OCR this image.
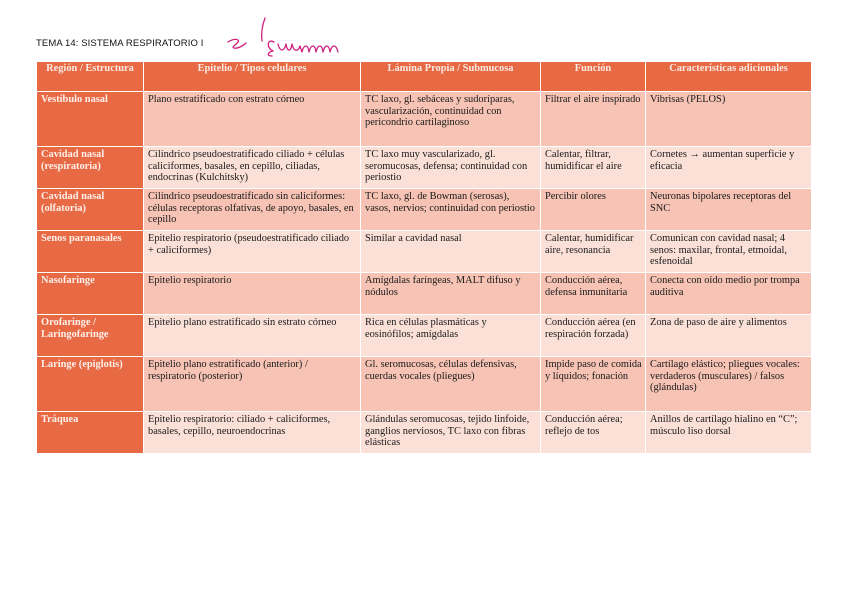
TEMA 14: SISTEMA RESPIRATORIO I
Región / Estructura	Epitelio / Tipos celulares	Lámina Propia / Submucosa	Función	Características adicionales
Vestíbulo nasal	Plano estratificado con estrato córneo	TC laxo, gl. sebáceas y sudoríparas, vascularización, continuidad con pericondrio cartilaginoso	Filtrar el aire inspirado	Vibrisas (PELOS)
Cavidad nasal (respiratoria)	Cilíndrico pseudoestratificado ciliado + células caliciformes, basales, en cepillo, ciliadas, endocrinas (Kulchitsky)	TC laxo muy vascularizado, gl. seromucosas, defensa; continuidad con periostio	Calentar, filtrar, humidificar el aire	Cornetes → aumentan superficie y eficacia
Cavidad nasal (olfatoria)	Cilíndrico pseudoestratificado sin caliciformes: células receptoras olfativas, de apoyo, basales, en cepillo	TC laxo, gl. de Bowman (serosas), vasos, nervios; continuidad con periostio	Percibir olores	Neuronas bipolares receptoras del SNC
Senos paranasales	Epitelio respiratorio (pseudoestratificado ciliado + caliciformes)	Similar a cavidad nasal	Calentar, humidificar aire, resonancia	Comunican con cavidad nasal; 4 senos: maxilar, frontal, etmoidal, esfenoidal
Nasofaringe	Epitelio respiratorio	Amígdalas faríngeas, MALT difuso y nódulos	Conducción aérea, defensa inmunitaria	Conecta con oído medio por trompa auditiva
Orofaringe / Laringofaringe	Epitelio plano estratificado sin estrato córneo	Rica en células plasmáticas y eosinófilos; amígdalas	Conducción aérea (en respiración forzada)	Zona de paso de aire y alimentos
Laringe (epiglotis)	Epitelio plano estratificado (anterior) / respiratorio (posterior)	Gl. seromucosas, células defensivas, cuerdas vocales (pliegues)	Impide paso de comida y líquidos; fonación	Cartílago elástico; pliegues vocales: verdaderos (musculares) / falsos (glándulas)
Tráquea	Epitelio respiratorio: ciliado + caliciformes, basales, cepillo, neuroendocrinas	Glándulas seromucosas, tejido linfoide, ganglios nerviosos, TC laxo con fibras elásticas	Conducción aérea; reflejo de tos	Anillos de cartílago hialino en “C”; músculo liso dorsal
